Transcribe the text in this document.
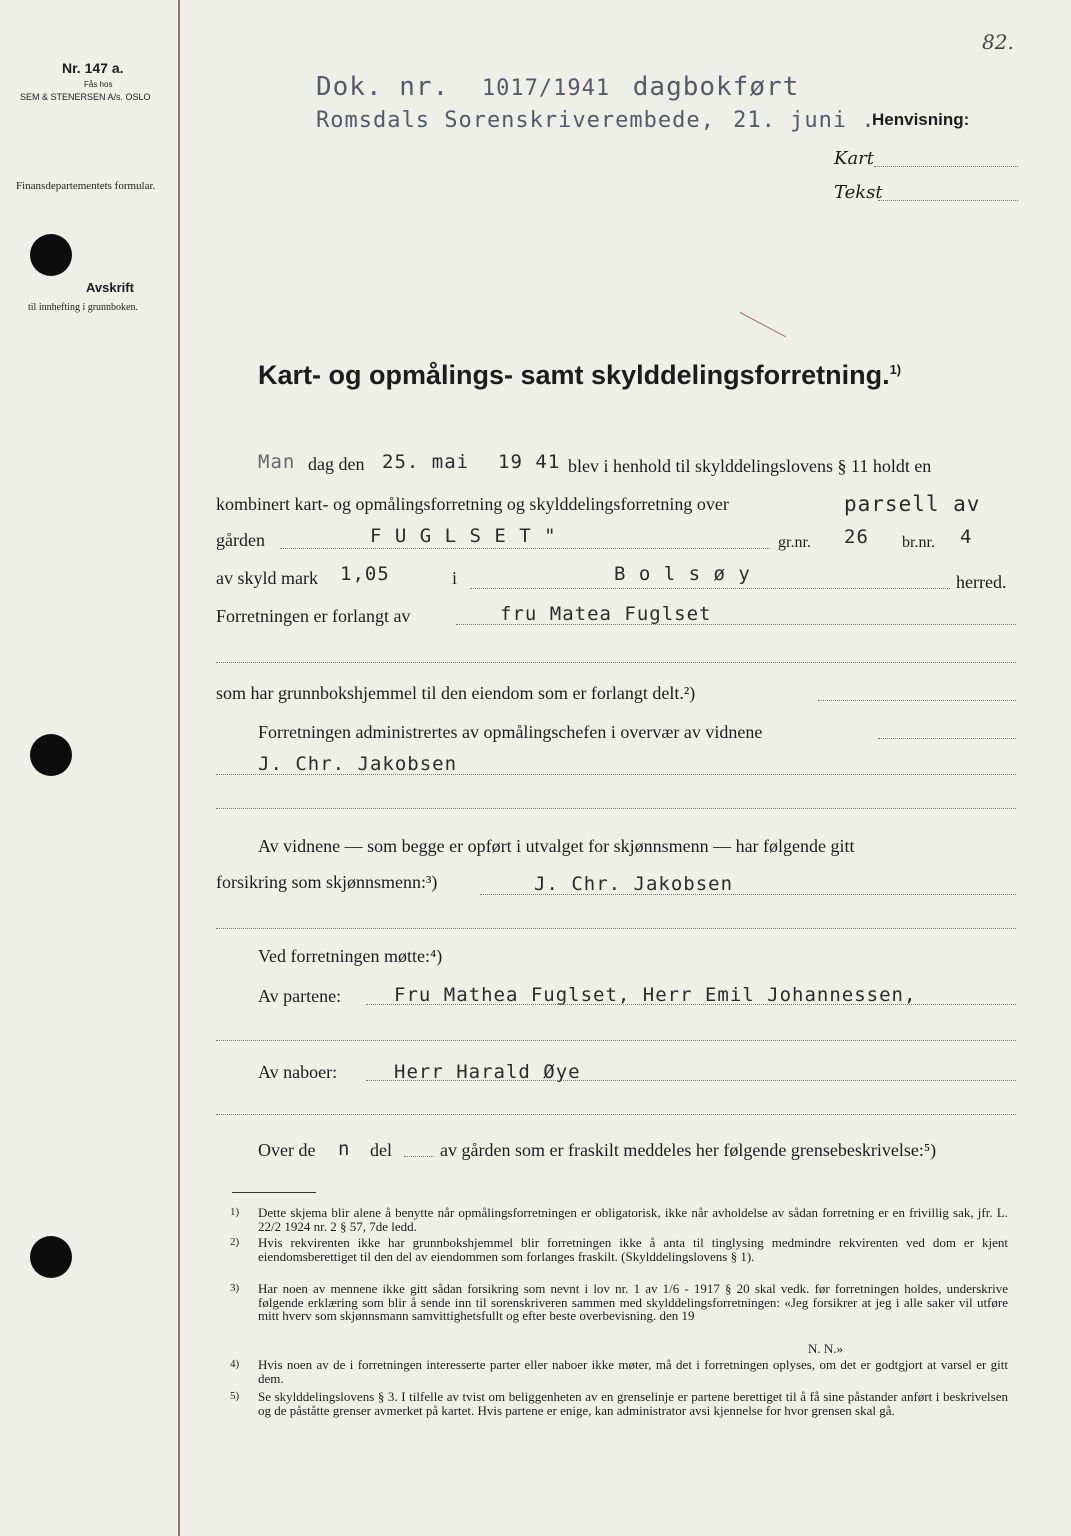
82.
Nr. 147 a.
Fås hos
SEM & STENERSEN A/s. OSLO
Finansdepartementets formular.
Avskrift
til innhefting i grunnboken.
Dok. nr. 1017/1941 dagbokført
Romsdals Sorenskriverembede, 21. juni .
Henvisning:
Kart
Tekst
Kart- og opmålings- samt skylddelingsforretning.$^{1)}$
Man dag den 25. mai 19 41 blev i henhold til skylddelingslovens § 11 holdt en
kombinert kart- og opmålingsforretning og skylddelingsforretning over	parsell av
gården	F U G L S E T "	gr.nr. 26 br.nr. 4
av skyld mark 1,05	i	B o l s ø y	herred.
Forretningen er forlangt av	fru Matea Fuglset
som har grunnbokshjemmel til den eiendom som er forlangt delt.²)
Forretningen administrertes av opmålingschefen i overvær av vidnene
J. Chr. Jakobsen
Av vidnene — som begge er opført i utvalget for skjønnsmenn — har følgende gitt
forsikring som skjønnsmenn:³)	J. Chr. Jakobsen
Ved forretningen møtte:⁴)
Av partene:	Fru Mathea Fuglset, Herr Emil Johannessen,
Av naboer:	Herr Harald Øye
Over de n del	av gården som er fraskilt meddeles her følgende grensebeskrivelse:⁵)
1) Dette skjema blir alene å benytte når opmålingsforretningen er obligatorisk, ikke når avholdelse av sådan forretning er en frivillig sak, jfr. L. 22/2 1924 nr. 2 § 57, 7de ledd.
2) Hvis rekvirenten ikke har grunnbokshjemmel blir forretningen ikke å anta til tinglysing medmindre rekvirenten ved dom er kjent eiendomsberettiget til den del av eiendommen som forlanges fraskilt. (Skylddelingslovens § 1).
3) Har noen av mennene ikke gitt sådan forsikring som nevnt i lov nr. 1 av 1/6 - 1917 § 20 skal vedk. før forretningen holdes, underskrive følgende erklæring som blir å sende inn til sorenskriveren sammen med skylddelingsforretningen: «Jeg forsikrer at jeg i alle saker vil utføre mitt hverv som skjønnsmann samvittighetsfullt og efter beste overbevisning. den 19
N. N.»
4) Hvis noen av de i forretningen interesserte parter eller naboer ikke møter, må det i forretningen oplyses, om det er godtgjort at varsel er gitt dem.
5) Se skylddelingslovens § 3. I tilfelle av tvist om beliggenheten av en grenselinje er partene berettiget til å få sine påstander anført i beskrivelsen og de påståtte grenser avmerket på kartet. Hvis partene er enige, kan administrator avsi kjennelse for hvor grensen skal gå.
